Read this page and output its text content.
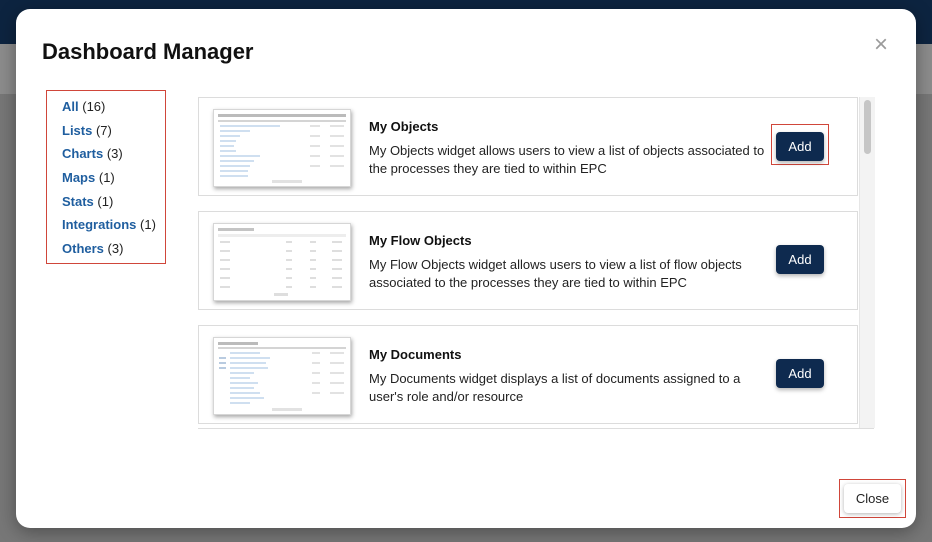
Dashboard Manager	×
All (16)
Lists (7)
Charts (3)
Maps (1)
Stats (1)
Integrations (1)
Others (3)
My Objects
My Objects widget allows users to view a list of objects associated to the processes they are tied to within EPC
Add
My Flow Objects
My Flow Objects widget allows users to view a list of flow objects associated to the processes they are tied to within EPC
Add
My Documents
My Documents widget displays a list of documents assigned to a user's role and/or resource
Add
Close
